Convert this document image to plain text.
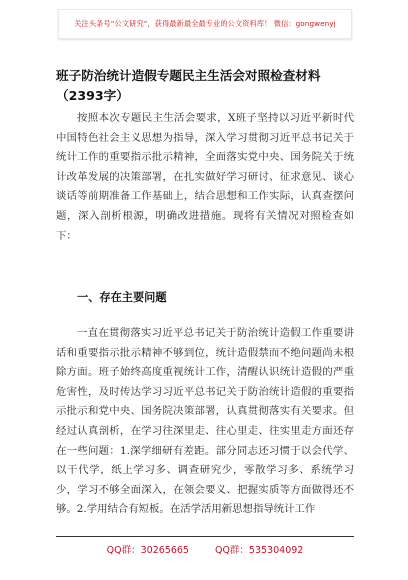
关注头条号“公文研究”，获得最新最全最专业的公文资料库！ 微信：gongwenyj
班子防治统计造假专题民主生活会对照检查材料（2393字）

按照本次专题民主生活会要求，X班子坚持以习近平新时代中国特色社会主义思想为指导，深入学习贯彻习近平总书记关于统计工作的重要指示批示精神，全面落实党中央、国务院关于统计改革发展的决策部署，在扎实做好学习研讨、征求意见、谈心谈话等前期准备工作基础上，结合思想和工作实际，认真查摆问题，深入剖析根源，明确改进措施。现将有关情况对照检查如下：

一、存在主要问题

一直在贯彻落实习近平总书记关于防治统计造假工作重要讲话和重要指示批示精神不够到位，统计造假禁而不绝问题尚未根除方面。班子始终高度重视统计工作，清醒认识统计造假的严重危害性，及时传达学习习近平总书记关于防治统计造假的重要指示批示和党中央、国务院决策部署，认真贯彻落实有关要求。但经过认真剖析，在学习往深里走、往心里走、往实里走方面还存在一些问题：1.深学细研有差距。部分同志还习惯于以会代学、以干代学，纸上学习多、调查研究少，零散学习多、系统学习少，学习不够全面深入，在领会要义、把握实质等方面做得还不够。2.学用结合有短板。在活学活用新思想指导统计工作

QQ群：30265665	QQ群：535304092
